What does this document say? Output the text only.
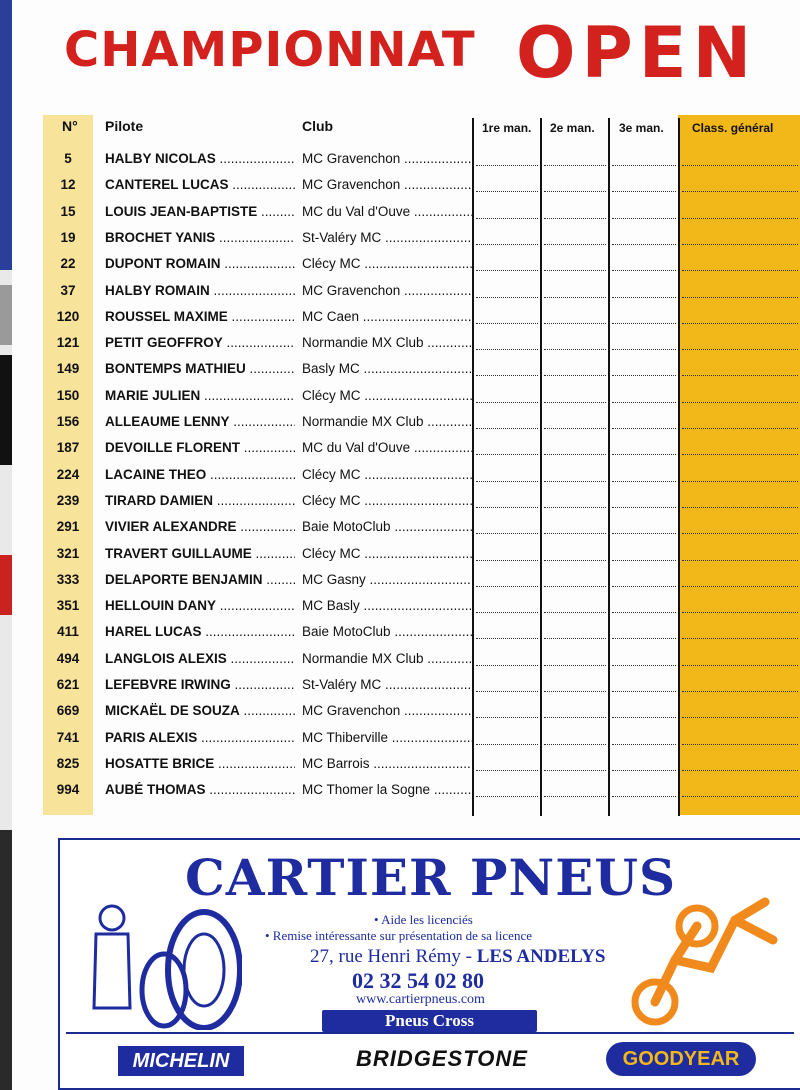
CHAMPIONNAT OPEN
N° Pilote	Club	1re man. 2e man. 3e man. Class. général
5	HALBY NICOLAS .....	MC Gravenchon .....
12	CANTEREL LUCAS .....	MC Gravenchon .....
15	LOUIS JEAN-BAPTISTE .....	MC du Val d'Ouve .....
19	BROCHET YANIS .....	St-Valéry MC .....
22	DUPONT ROMAIN .....	Clécy MC .....
37	HALBY ROMAIN .....	MC Gravenchon .....
120	ROUSSEL MAXIME .....	MC Caen .....
121	PETIT GEOFFROY .....	Normandie MX Club .....
149	BONTEMPS MATHIEU .....	Basly MC .....
150	MARIE JULIEN .....	Clécy MC .....
156	ALLEAUME LENNY .....	Normandie MX Club .....
187	DEVOILLE FLORENT .....	MC du Val d'Ouve .....
224	LACAINE THEO .....	Clécy MC .....
239	TIRARD DAMIEN .....	Clécy MC .....
291	VIVIER ALEXANDRE .....	Baie MotoClub .....
321	TRAVERT GUILLAUME .....	Clécy MC .....
333	DELAPORTE BENJAMIN .....	MC Gasny .....
351	HELLOUIN DANY .....	MC Basly .....
411	HAREL LUCAS .....	Baie MotoClub .....
494	LANGLOIS ALEXIS .....	Normandie MX Club .....
621	LEFEBVRE IRWING .....	St-Valéry MC .....
669	MICKAËL DE SOUZA .....	MC Gravenchon .....
741	PARIS ALEXIS .....	MC Thiberville .....
825	HOSATTE BRICE .....	MC Barrois .....
994	AUBÉ THOMAS .....	MC Thomer la Sogne .....
CARTIER PNEUS
• Aide les licenciés
• Remise intéressante sur présentation de sa licence
27, rue Henri Rémy - LES ANDELYS
02 32 54 02 80
www.cartierpneus.com
Pneus Cross
MICHELIN	BRIDGESTONE	GOODYEAR
